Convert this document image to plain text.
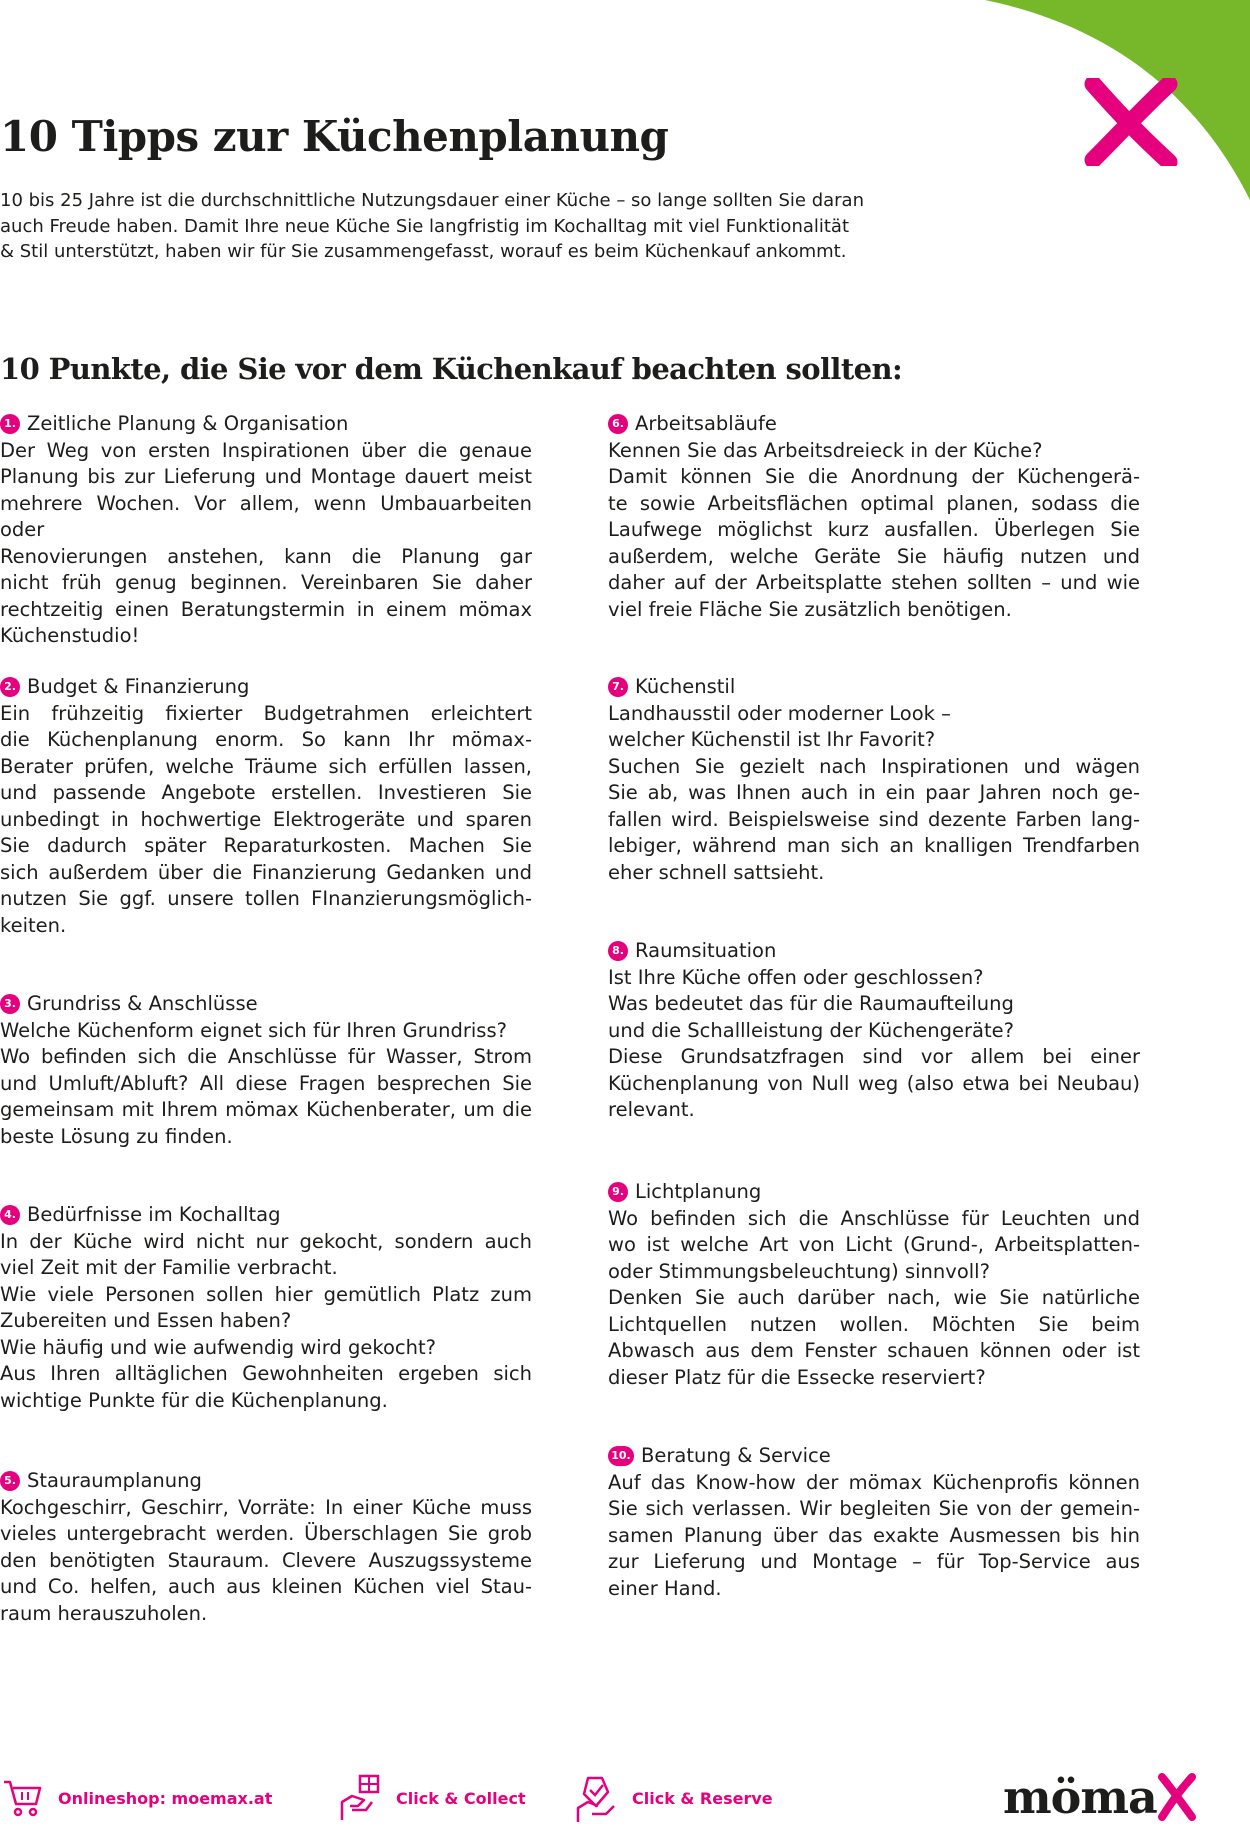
10 Tipps zur Küchenplanung
10 bis 25 Jahre ist die durchschnittliche Nutzungsdauer einer Küche – so lange sollten Sie daran
auch Freude haben. Damit Ihre neue Küche Sie langfristig im Kochalltag mit viel Funktionalität
& Stil unterstützt, haben wir für Sie zusammengefasst, worauf es beim Küchenkauf ankommt.
10 Punkte, die Sie vor dem Küchenkauf beachten sollten:
1. Zeitliche Planung & Organisation
Der Weg von ersten Inspirationen über die genaue
Planung bis zur Lieferung und Montage dauert meist
mehrere Wochen. Vor allem, wenn Umbauarbeiten oder
Renovierungen anstehen, kann die Planung gar
nicht früh genug beginnen. Vereinbaren Sie daher
rechtzeitig einen Beratungstermin in einem mömax
Küchenstudio!
2. Budget & Finanzierung
Ein frühzeitig fixierter Budgetrahmen erleichtert
die Küchenplanung enorm. So kann Ihr mömax-
Berater prüfen, welche Träume sich erfüllen lassen,
und passende Angebote erstellen. Investieren Sie
unbedingt in hochwertige Elektrogeräte und sparen
Sie dadurch später Reparaturkosten. Machen Sie
sich außerdem über die Finanzierung Gedanken und
nutzen Sie ggf. unsere tollen FInanzierungsmöglich-
keiten.
3. Grundriss & Anschlüsse
Welche Küchenform eignet sich für Ihren Grundriss?
Wo befinden sich die Anschlüsse für Wasser, Strom
und Umluft/Abluft? All diese Fragen besprechen Sie
gemeinsam mit Ihrem mömax Küchenberater, um die
beste Lösung zu finden.
4. Bedürfnisse im Kochalltag
In der Küche wird nicht nur gekocht, sondern auch
viel Zeit mit der Familie verbracht.
Wie viele Personen sollen hier gemütlich Platz zum
Zubereiten und Essen haben?
Wie häufig und wie aufwendig wird gekocht?
Aus Ihren alltäglichen Gewohnheiten ergeben sich
wichtige Punkte für die Küchenplanung.
5. Stauraumplanung
Kochgeschirr, Geschirr, Vorräte: In einer Küche muss
vieles untergebracht werden. Überschlagen Sie grob
den benötigten Stauraum. Clevere Auszugssysteme
und Co. helfen, auch aus kleinen Küchen viel Stau-
raum herauszuholen.
6. Arbeitsabläufe
Kennen Sie das Arbeitsdreieck in der Küche?
Damit können Sie die Anordnung der Küchengerä-
te sowie Arbeitsflächen optimal planen, sodass die
Laufwege möglichst kurz ausfallen. Überlegen Sie
außerdem, welche Geräte Sie häufig nutzen und
daher auf der Arbeitsplatte stehen sollten – und wie
viel freie Fläche Sie zusätzlich benötigen.
7. Küchenstil
Landhausstil oder moderner Look –
welcher Küchenstil ist Ihr Favorit?
Suchen Sie gezielt nach Inspirationen und wägen
Sie ab, was Ihnen auch in ein paar Jahren noch ge-
fallen wird. Beispielsweise sind dezente Farben lang-
lebiger, während man sich an knalligen Trendfarben
eher schnell sattsieht.
8. Raumsituation
Ist Ihre Küche offen oder geschlossen?
Was bedeutet das für die Raumaufteilung
und die Schallleistung der Küchengeräte?
Diese Grundsatzfragen sind vor allem bei einer
Küchenplanung von Null weg (also etwa bei Neubau)
relevant.
9. Lichtplanung
Wo befinden sich die Anschlüsse für Leuchten und
wo ist welche Art von Licht (Grund-, Arbeitsplatten-
oder Stimmungsbeleuchtung) sinnvoll?
Denken Sie auch darüber nach, wie Sie natürliche
Lichtquellen nutzen wollen. Möchten Sie beim
Abwasch aus dem Fenster schauen können oder ist
dieser Platz für die Essecke reserviert?
10. Beratung & Service
Auf das Know-how der mömax Küchenprofis können
Sie sich verlassen. Wir begleiten Sie von der gemein-
samen Planung über das exakte Ausmessen bis hin
zur Lieferung und Montage – für Top-Service aus
einer Hand.
Onlineshop: moemax.at	Click & Collect	Click & Reserve	möma
